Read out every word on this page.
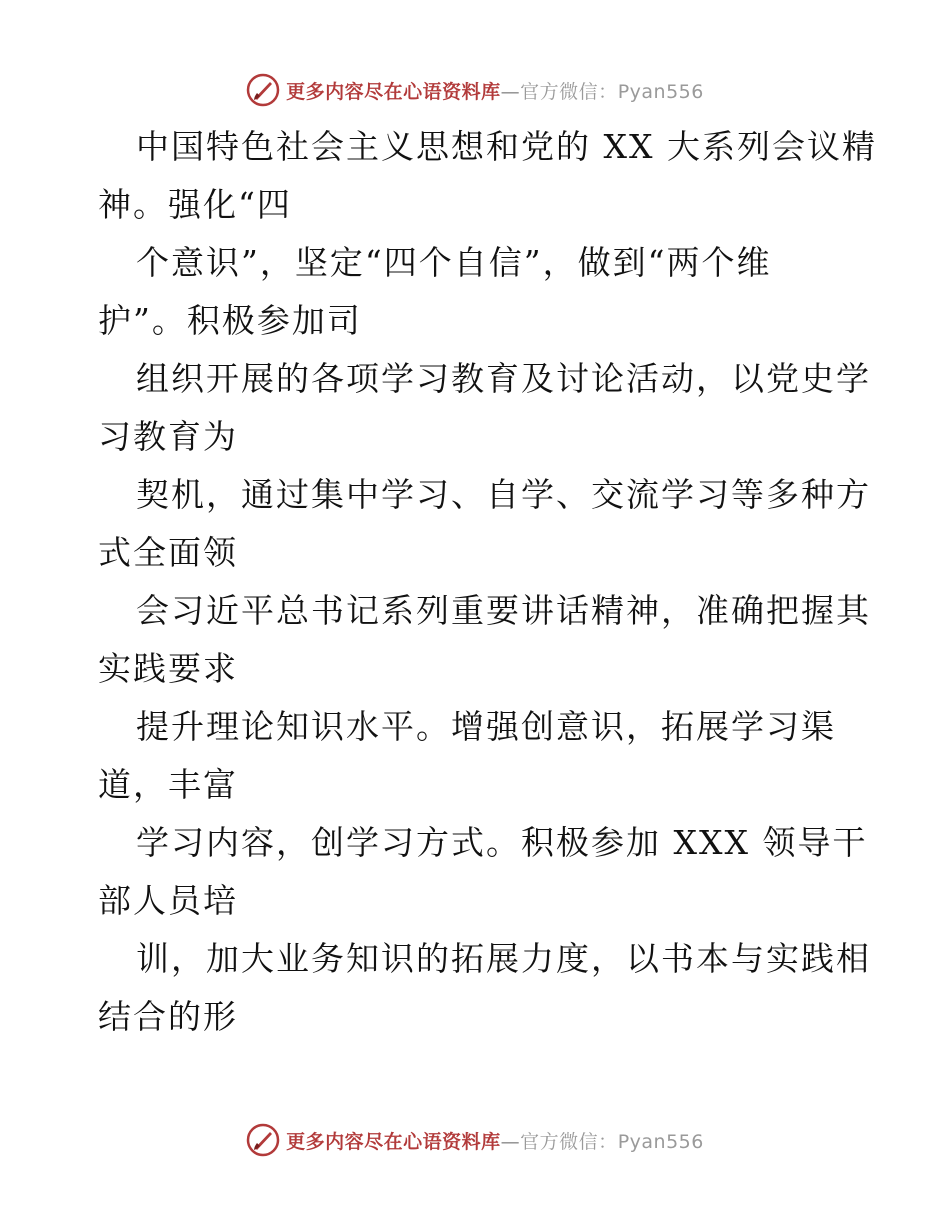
更多内容尽在心语资料库—官方微信：Pyan556
中国特色社会主义思想和党的 XX 大系列会议精
神。强化“四
个意识”，坚定“四个自信”，做到“两个维
护”。积极参加司
组织开展的各项学习教育及讨论活动，以党史学
习教育为
契机，通过集中学习、自学、交流学习等多种方
式全面领
会习近平总书记系列重要讲话精神，准确把握其
实践要求
提升理论知识水平。增强创意识，拓展学习渠
道，丰富
学习内容，创学习方式。积极参加 XXX 领导干
部人员培
训，加大业务知识的拓展力度，以书本与实践相
结合的形
更多内容尽在心语资料库—官方微信：Pyan556
